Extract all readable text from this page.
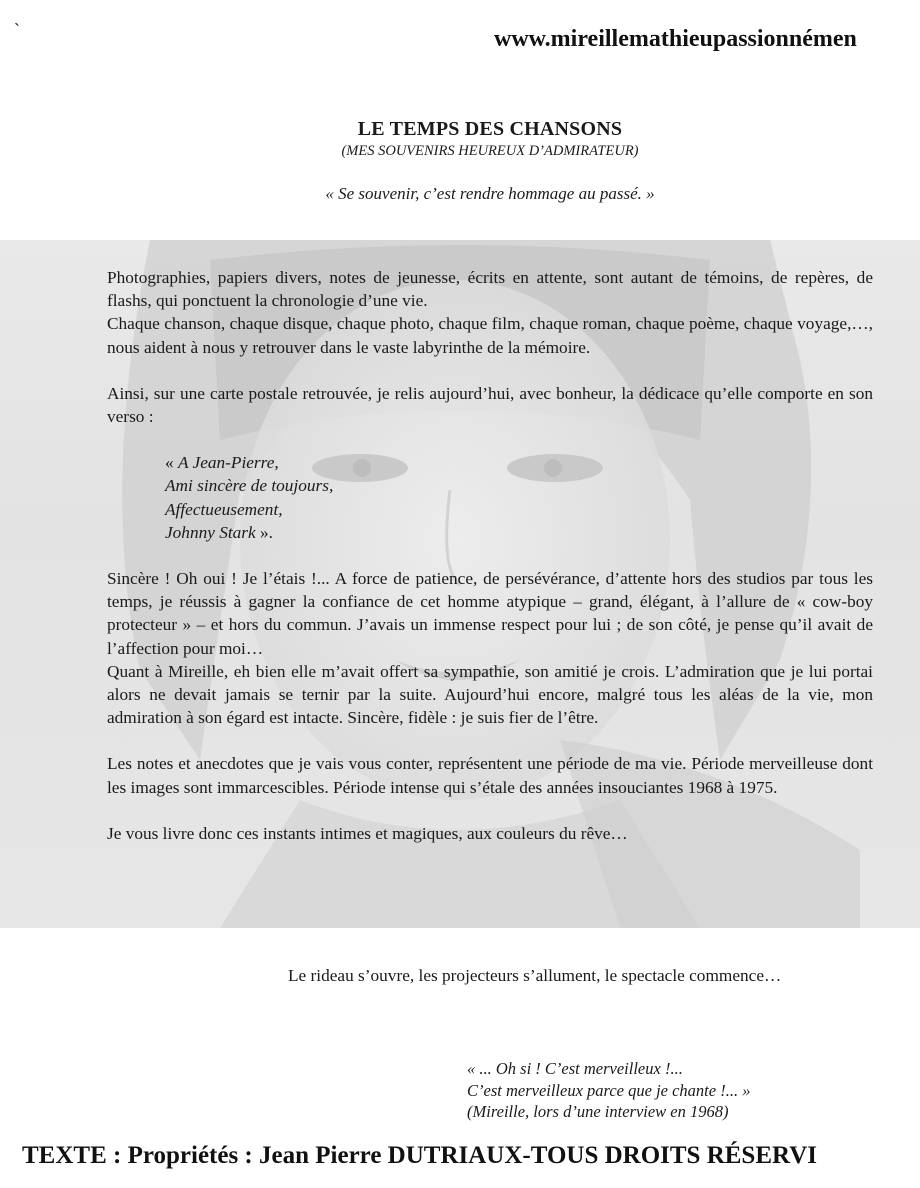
`	www.mireillemathieupassionnémen
LE TEMPS DES CHANSONS
(MES SOUVENIRS HEUREUX D’ADMIRATEUR)
« Se souvenir, c’est rendre hommage au passé. »

Photographies, papiers divers, notes de jeunesse, écrits en attente, sont autant de témoins, de repères, de flashs, qui ponctuent la chronologie d’une vie.

Chaque chanson, chaque disque, chaque photo, chaque film, chaque roman, chaque poème, chaque voyage,…, nous aident à nous y retrouver dans le vaste labyrinthe de la mémoire.

Ainsi, sur une carte postale retrouvée, je relis aujourd’hui, avec bonheur, la dédicace qu’elle comporte en son verso :

« A Jean-Pierre,
Ami sincère de toujours,
Affectueusement,
Johnny Stark ».

Sincère ! Oh oui ! Je l’étais !... A force de patience, de persévérance, d’attente hors des studios par tous les temps, je réussis à gagner la confiance de cet homme atypique – grand, élégant, à l’allure de « cow-boy protecteur » – et hors du commun. J’avais un immense respect pour lui ; de son côté, je pense qu’il avait de l’affection pour moi…

Quant à Mireille, eh bien elle m’avait offert sa sympathie, son amitié je crois. L’admiration que je lui portai alors ne devait jamais se ternir par la suite. Aujourd’hui encore, malgré tous les aléas de la vie, mon admiration à son égard est intacte. Sincère, fidèle : je suis fier de l’être.

Les notes et anecdotes que je vais vous conter, représentent une période de ma vie. Période merveilleuse dont les images sont immarcescibles. Période intense qui s’étale des années insouciantes 1968 à 1975.

Je vous livre donc ces instants intimes et magiques, aux couleurs du rêve…

Le rideau s’ouvre, les projecteurs s’allument, le spectacle commence…
« ... Oh si ! C’est merveilleux !...
C’est merveilleux parce que je chante !... »
(Mireille, lors d’une interview en 1968)
TEXTE : Propriétés : Jean Pierre DUTRIAUX-TOUS DROITS RÉSERVI
